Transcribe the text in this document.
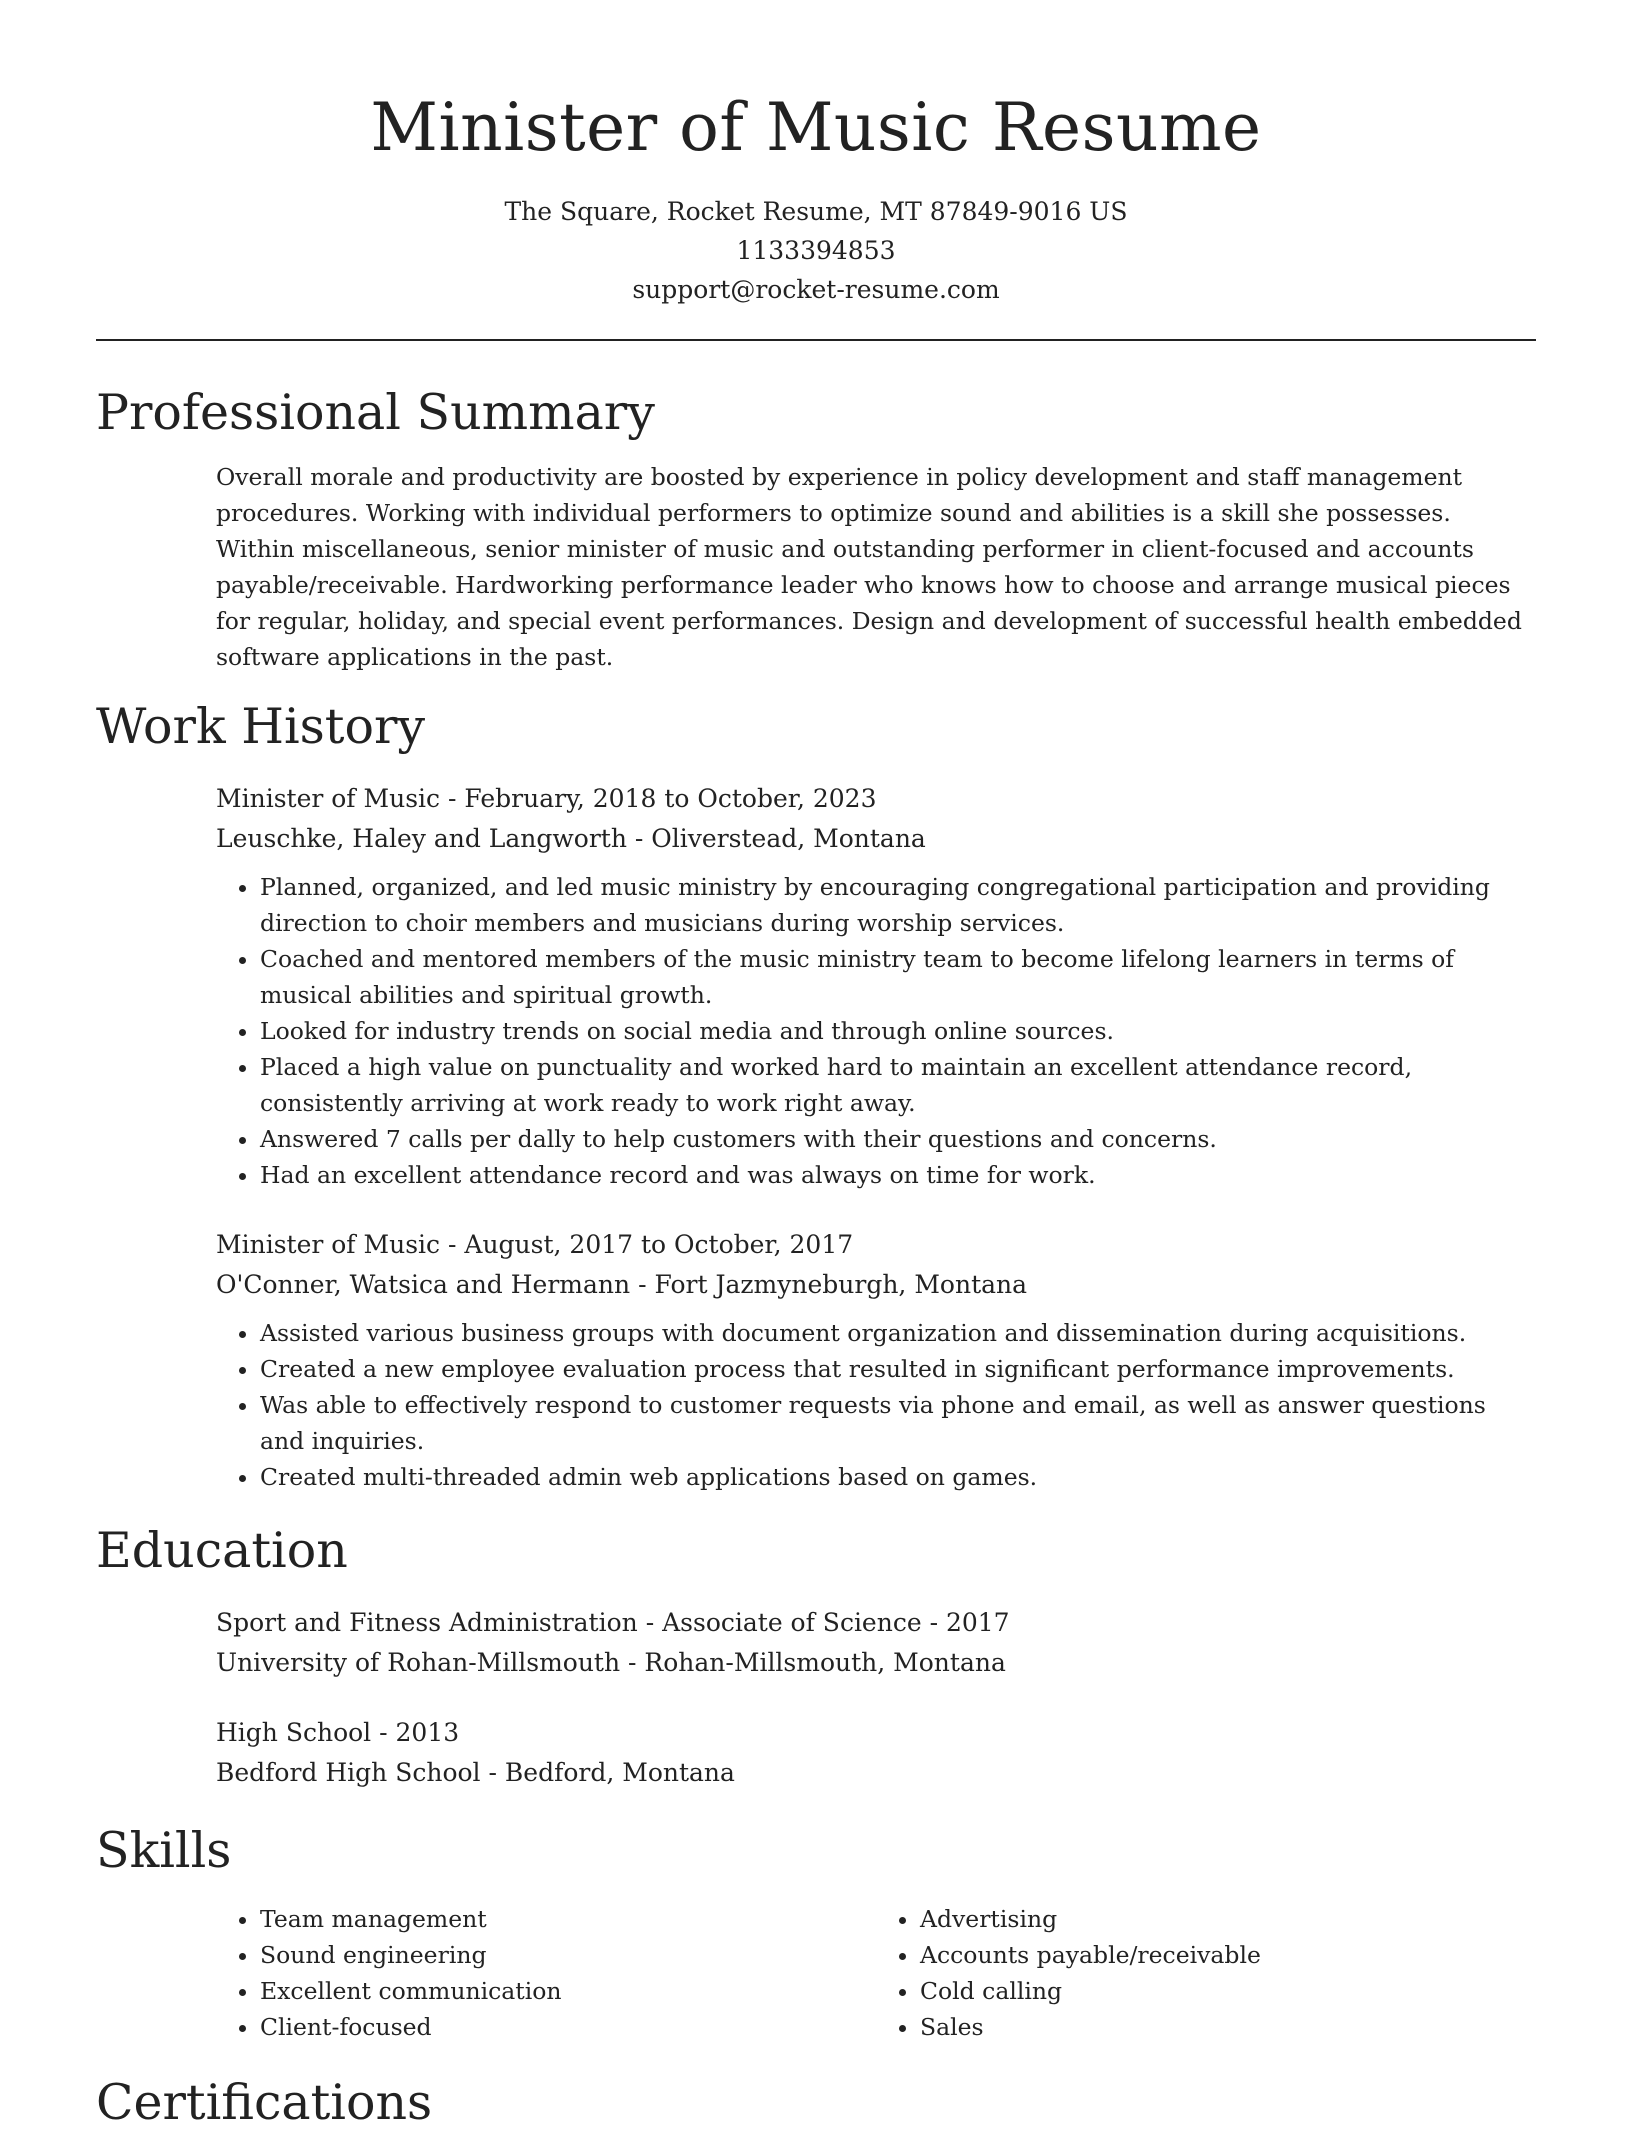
Minister of Music Resume
The Square, Rocket Resume, MT 87849-9016 US
1133394853
support@rocket-resume.com
Professional Summary
Overall morale and productivity are boosted by experience in policy development and staff management procedures. Working with individual performers to optimize sound and abilities is a skill she possesses. Within miscellaneous, senior minister of music and outstanding performer in client-focused and accounts payable/receivable. Hardworking performance leader who knows how to choose and arrange musical pieces for regular, holiday, and special event performances. Design and development of successful health embedded software applications in the past.
Work History
Minister of Music - February, 2018 to October, 2023
Leuschke, Haley and Langworth - Oliverstead, Montana
• Planned, organized, and led music ministry by encouraging congregational participation and providing direction to choir members and musicians during worship services.
• Coached and mentored members of the music ministry team to become lifelong learners in terms of musical abilities and spiritual growth.
• Looked for industry trends on social media and through online sources.
• Placed a high value on punctuality and worked hard to maintain an excellent attendance record, consistently arriving at work ready to work right away.
• Answered 7 calls per dally to help customers with their questions and concerns.
• Had an excellent attendance record and was always on time for work.
Minister of Music - August, 2017 to October, 2017
O'Conner, Watsica and Hermann - Fort Jazmyneburgh, Montana
• Assisted various business groups with document organization and dissemination during acquisitions.
• Created a new employee evaluation process that resulted in significant performance improvements.
• Was able to effectively respond to customer requests via phone and email, as well as answer questions and inquiries.
• Created multi-threaded admin web applications based on games.
Education
Sport and Fitness Administration - Associate of Science - 2017
University of Rohan-Millsmouth - Rohan-Millsmouth, Montana
High School - 2013
Bedford High School - Bedford, Montana
Skills
• Team management
• Sound engineering
• Excellent communication
• Client-focused
• Advertising
• Accounts payable/receivable
• Cold calling
• Sales
Certifications
